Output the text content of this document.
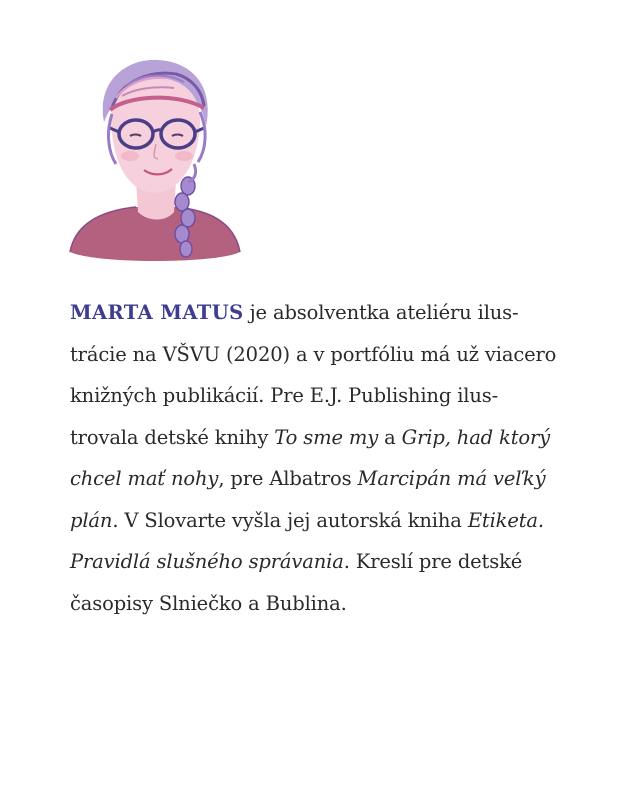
MARTA MATUS je absolventka ateliéru ilus-
trácie na VŠVU (2020) a v portfóliu má už viacero
knižných publikácií. Pre E.J. Publishing ilus-
trovala detské knihy To sme my a Grip, had ktorý
chcel mať nohy, pre Albatros Marcipán má veľký
plán. V Slovarte vyšla jej autorská kniha Etiketa.
Pravidlá slušného správania. Kreslí pre detské
časopisy Slniečko a Bublina.
